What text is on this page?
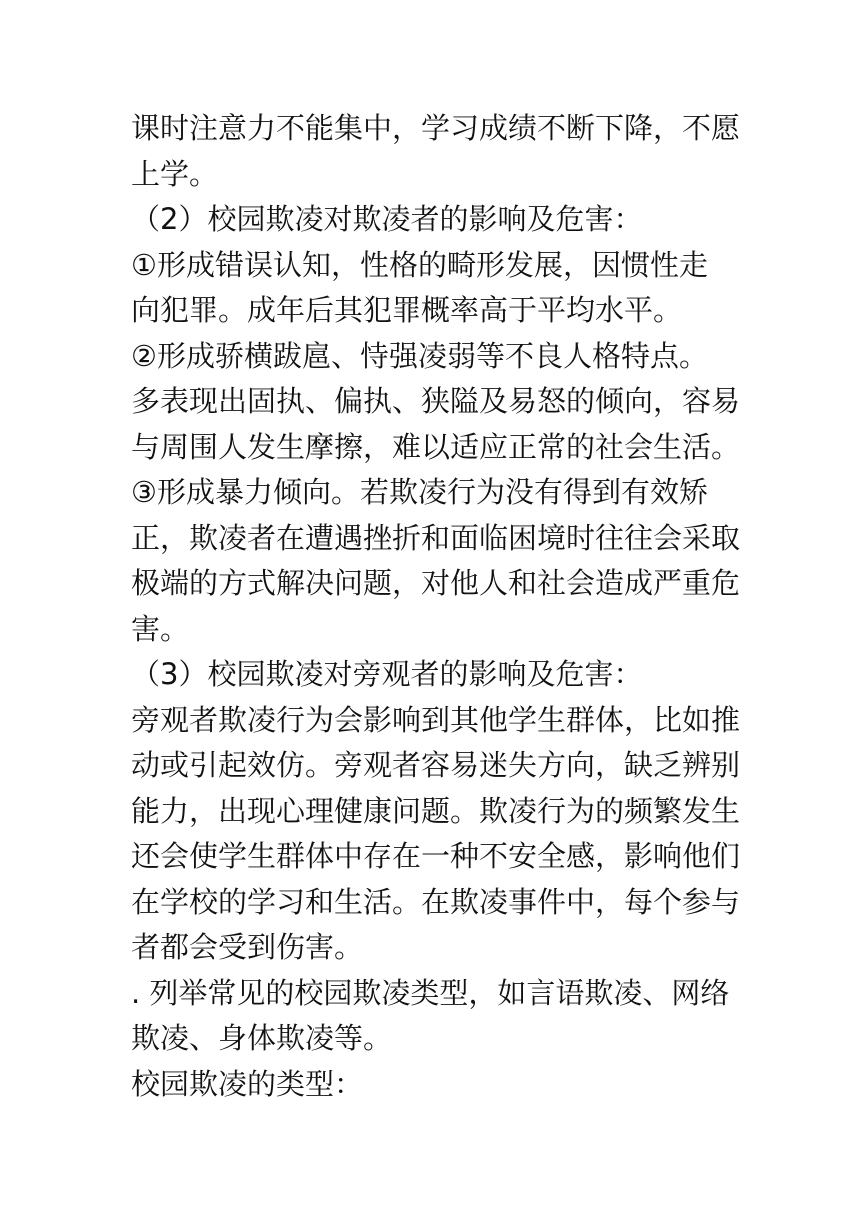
课时注意力不能集中，学习成绩不断下降，不愿
上学。
（2）校园欺凌对欺凌者的影响及危害：
①形成错误认知，性格的畸形发展，因惯性走
向犯罪。成年后其犯罪概率高于平均水平。
②形成骄横跋扈、恃强凌弱等不良人格特点。
多表现出固执、偏执、狭隘及易怒的倾向，容易
与周围人发生摩擦，难以适应正常的社会生活。
③形成暴力倾向。若欺凌行为没有得到有效矫
正，欺凌者在遭遇挫折和面临困境时往往会采取
极端的方式解决问题，对他人和社会造成严重危
害。
（3）校园欺凌对旁观者的影响及危害：
旁观者欺凌行为会影响到其他学生群体，比如推
动或引起效仿。旁观者容易迷失方向，缺乏辨别
能力，出现心理健康问题。欺凌行为的频繁发生
还会使学生群体中存在一种不安全感，影响他们
在学校的学习和生活。在欺凌事件中，每个参与
者都会受到伤害。
. 列举常见的校园欺凌类型，如言语欺凌、网络
欺凌、身体欺凌等。
校园欺凌的类型：
